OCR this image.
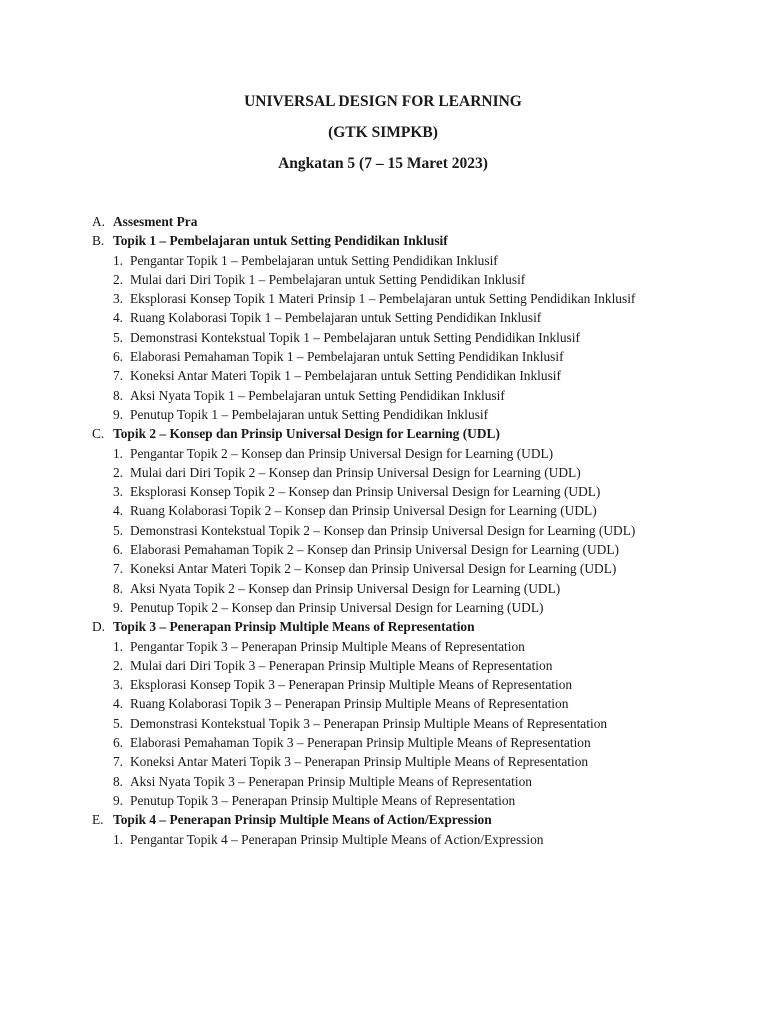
UNIVERSAL DESIGN FOR LEARNING
(GTK SIMPKB)
Angkatan 5 (7 – 15 Maret 2023)
A. Assesment Pra
B. Topik 1 – Pembelajaran untuk Setting Pendidikan Inklusif
1. Pengantar Topik 1 – Pembelajaran untuk Setting Pendidikan Inklusif
2. Mulai dari Diri Topik 1 – Pembelajaran untuk Setting Pendidikan Inklusif
3. Eksplorasi Konsep Topik 1 Materi Prinsip 1 – Pembelajaran untuk Setting Pendidikan Inklusif
4. Ruang Kolaborasi Topik 1 – Pembelajaran untuk Setting Pendidikan Inklusif
5. Demonstrasi Kontekstual Topik 1 – Pembelajaran untuk Setting Pendidikan Inklusif
6. Elaborasi Pemahaman Topik 1 – Pembelajaran untuk Setting Pendidikan Inklusif
7. Koneksi Antar Materi Topik 1 – Pembelajaran untuk Setting Pendidikan Inklusif
8. Aksi Nyata Topik 1 – Pembelajaran untuk Setting Pendidikan Inklusif
9. Penutup Topik 1 – Pembelajaran untuk Setting Pendidikan Inklusif
C. Topik 2 – Konsep dan Prinsip Universal Design for Learning (UDL)
1. Pengantar Topik 2 – Konsep dan Prinsip Universal Design for Learning (UDL)
2. Mulai dari Diri Topik 2 – Konsep dan Prinsip Universal Design for Learning (UDL)
3. Eksplorasi Konsep Topik 2 – Konsep dan Prinsip Universal Design for Learning (UDL)
4. Ruang Kolaborasi Topik 2 – Konsep dan Prinsip Universal Design for Learning (UDL)
5. Demonstrasi Kontekstual Topik 2 – Konsep dan Prinsip Universal Design for Learning (UDL)
6. Elaborasi Pemahaman Topik 2 – Konsep dan Prinsip Universal Design for Learning (UDL)
7. Koneksi Antar Materi Topik 2 – Konsep dan Prinsip Universal Design for Learning (UDL)
8. Aksi Nyata Topik 2 – Konsep dan Prinsip Universal Design for Learning (UDL)
9. Penutup Topik 2 – Konsep dan Prinsip Universal Design for Learning (UDL)
D. Topik 3 – Penerapan Prinsip Multiple Means of Representation
1. Pengantar Topik 3 – Penerapan Prinsip Multiple Means of Representation
2. Mulai dari Diri Topik 3 – Penerapan Prinsip Multiple Means of Representation
3. Eksplorasi Konsep Topik 3 – Penerapan Prinsip Multiple Means of Representation
4. Ruang Kolaborasi Topik 3 – Penerapan Prinsip Multiple Means of Representation
5. Demonstrasi Kontekstual Topik 3 – Penerapan Prinsip Multiple Means of Representation
6. Elaborasi Pemahaman Topik 3 – Penerapan Prinsip Multiple Means of Representation
7. Koneksi Antar Materi Topik 3 – Penerapan Prinsip Multiple Means of Representation
8. Aksi Nyata Topik 3 – Penerapan Prinsip Multiple Means of Representation
9. Penutup Topik 3 – Penerapan Prinsip Multiple Means of Representation
E. Topik 4 – Penerapan Prinsip Multiple Means of Action/Expression
1. Pengantar Topik 4 – Penerapan Prinsip Multiple Means of Action/Expression
